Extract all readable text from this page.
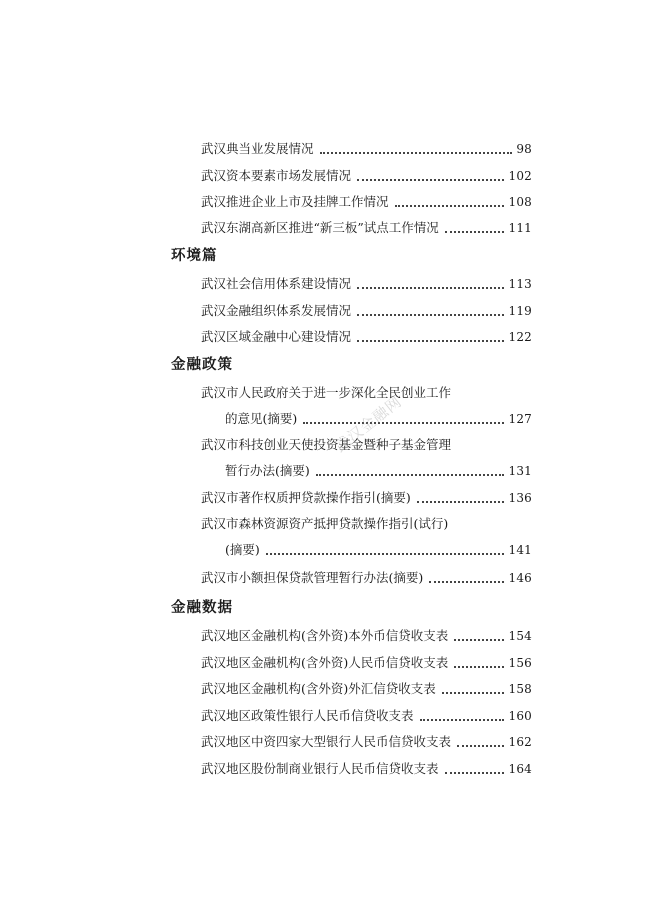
武汉典当业发展情况	98
武汉资本要素市场发展情况	102
武汉推进企业上市及挂牌工作情况	108
武汉东湖高新区推进“新三板”试点工作情况	111
环境篇
武汉社会信用体系建设情况	113
武汉金融组织体系发展情况	119
武汉区域金融中心建设情况	122
金融政策
武汉市人民政府关于进一步深化全民创业工作
的意见(摘要)	127
武汉市科技创业天使投资基金暨种子基金管理
暂行办法(摘要)	131
武汉市著作权质押贷款操作指引(摘要)	136
武汉市森林资源资产抵押贷款操作指引(试行)
(摘要)	141
武汉市小额担保贷款管理暂行办法(摘要)	146
金融数据
武汉地区金融机构(含外资)本外币信贷收支表	154
武汉地区金融机构(含外资)人民币信贷收支表	156
武汉地区金融机构(含外资)外汇信贷收支表	158
武汉地区政策性银行人民币信贷收支表	160
武汉地区中资四家大型银行人民币信贷收支表	162
武汉地区股份制商业银行人民币信贷收支表	164
武汉金融网
